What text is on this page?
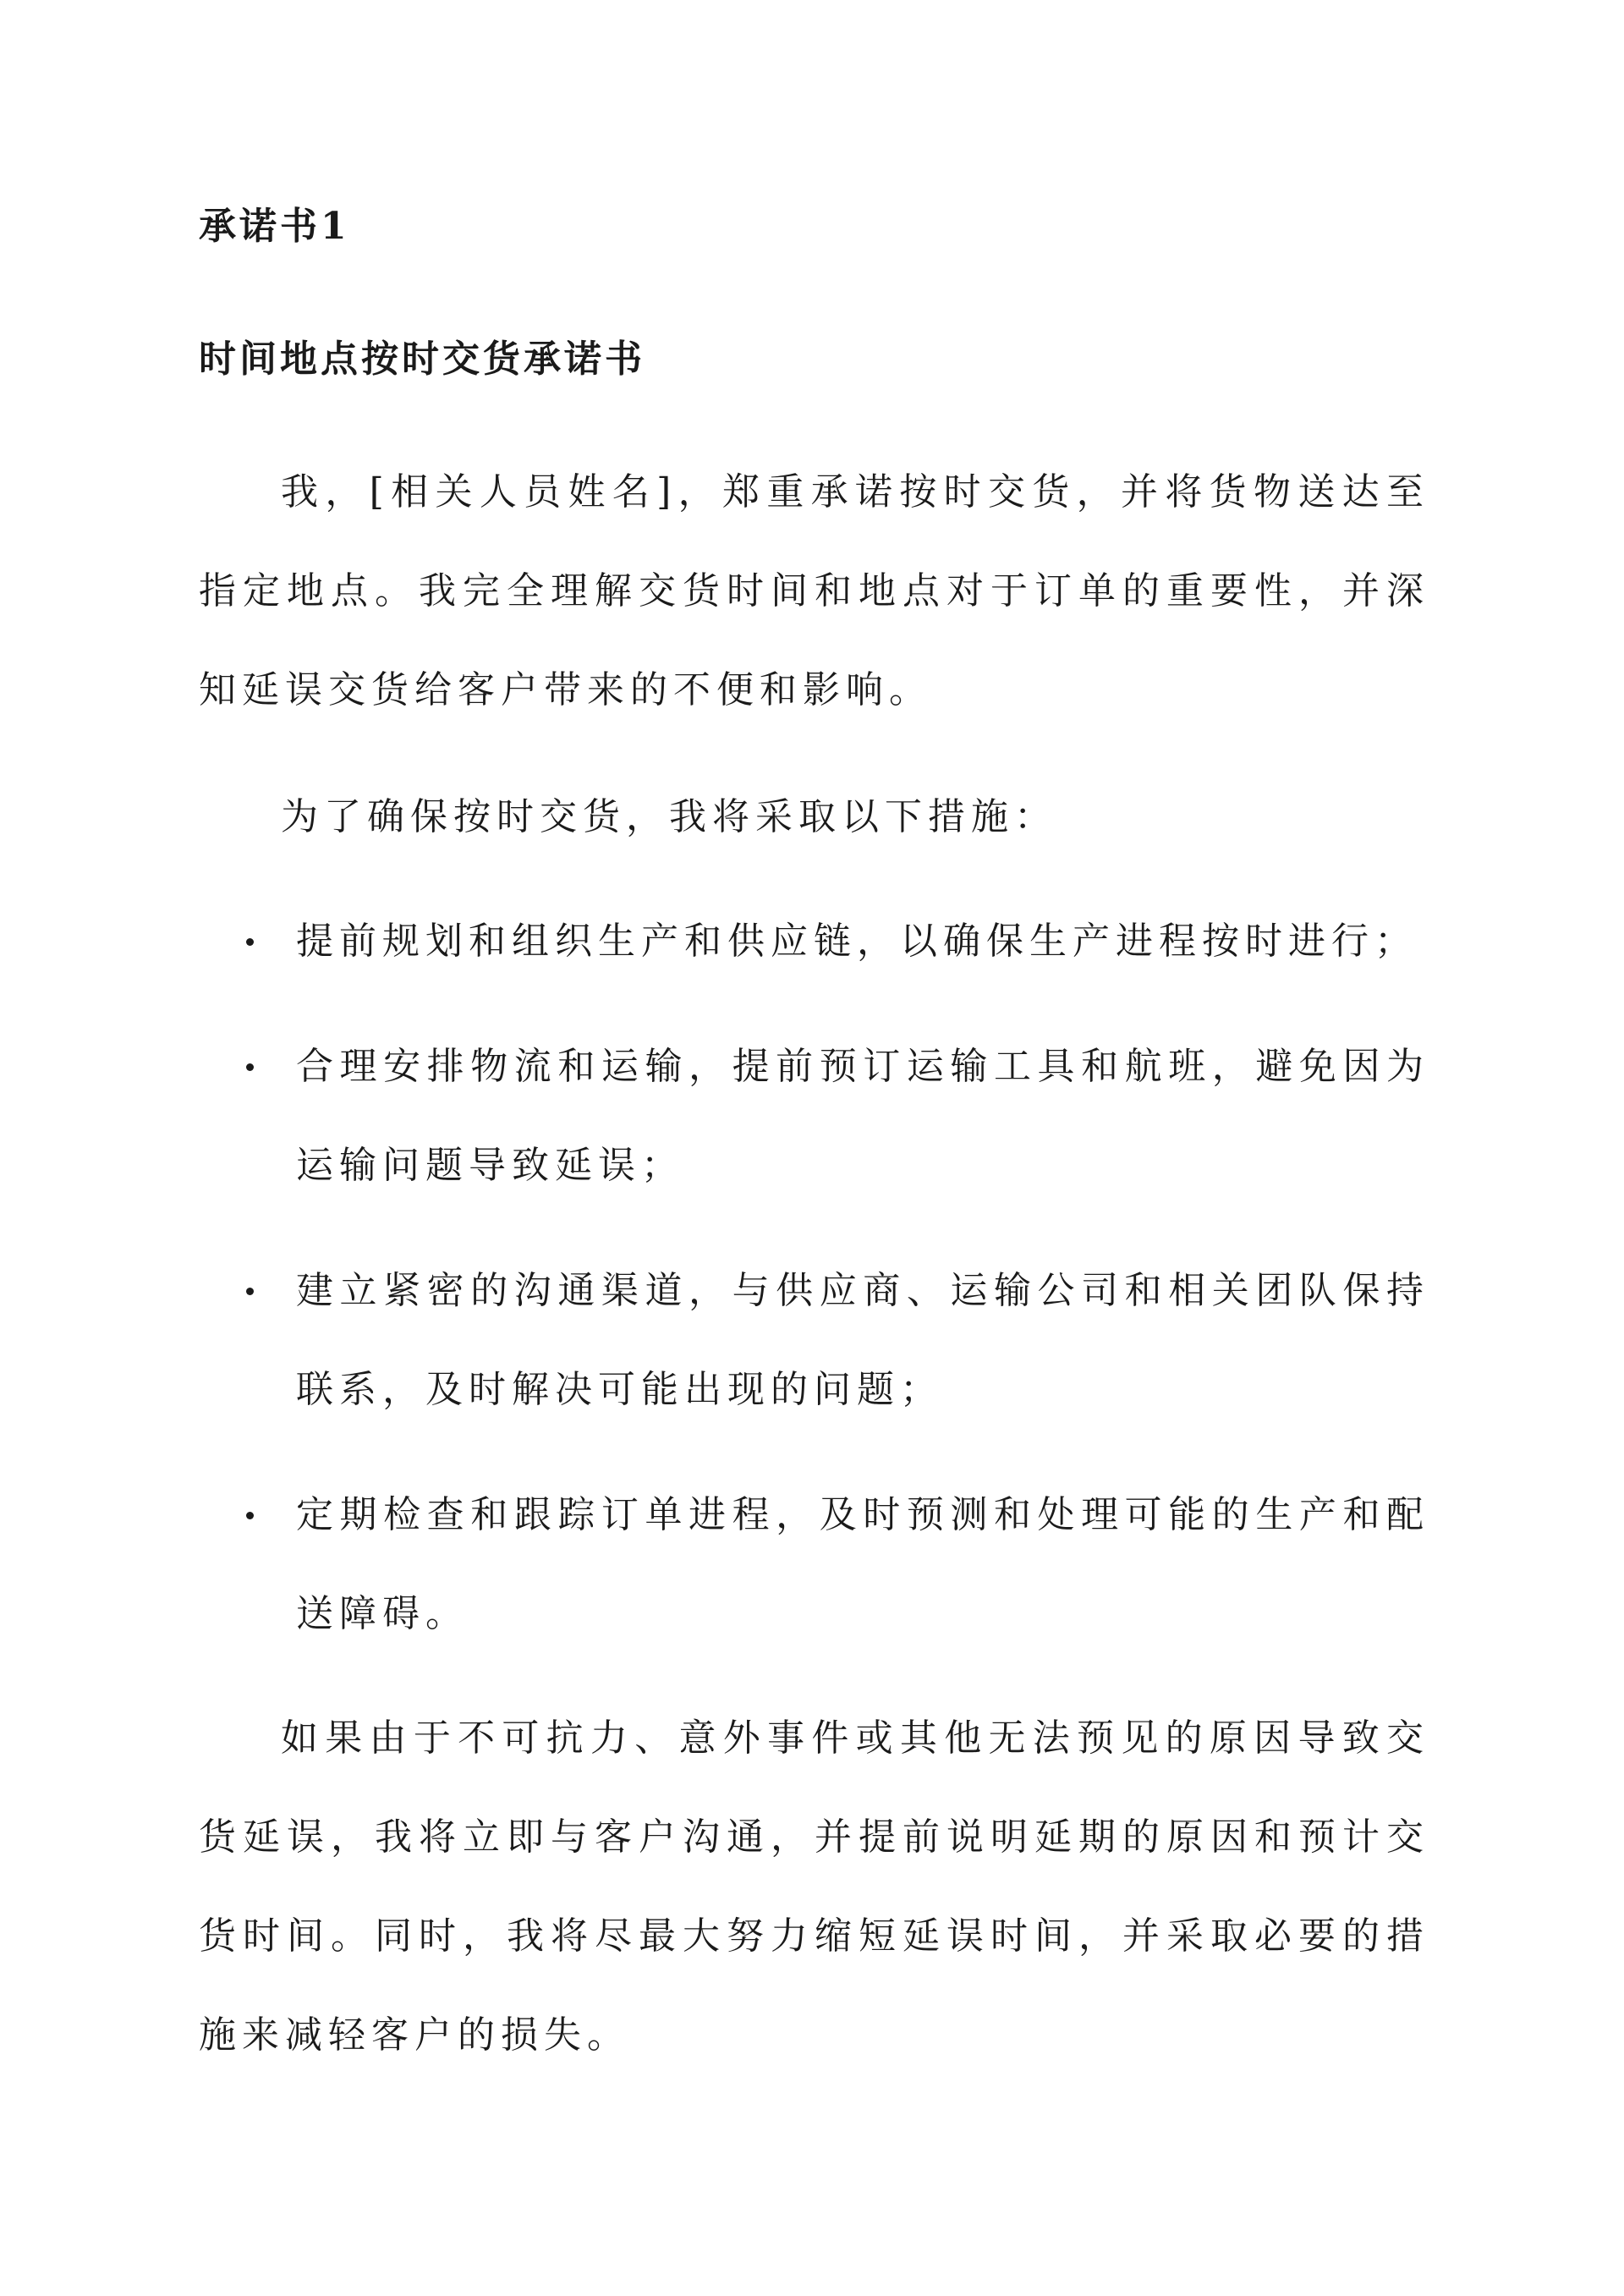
承诺书1
时间地点按时交货承诺书

我，[相关人员姓名]，郑重承诺按时交货，并将货物送达至指定地点。我完全理解交货时间和地点对于订单的重要性，并深知延误交货给客户带来的不便和影响。

为了确保按时交货，我将采取以下措施：

提前规划和组织生产和供应链，以确保生产进程按时进行；
合理安排物流和运输，提前预订运输工具和航班，避免因为运输问题导致延误；
建立紧密的沟通渠道，与供应商、运输公司和相关团队保持联系，及时解决可能出现的问题；
定期检查和跟踪订单进程，及时预测和处理可能的生产和配送障碍。

如果由于不可抗力、意外事件或其他无法预见的原因导致交货延误，我将立即与客户沟通，并提前说明延期的原因和预计交货时间。同时，我将尽最大努力缩短延误时间，并采取必要的措施来减轻客户的损失。
